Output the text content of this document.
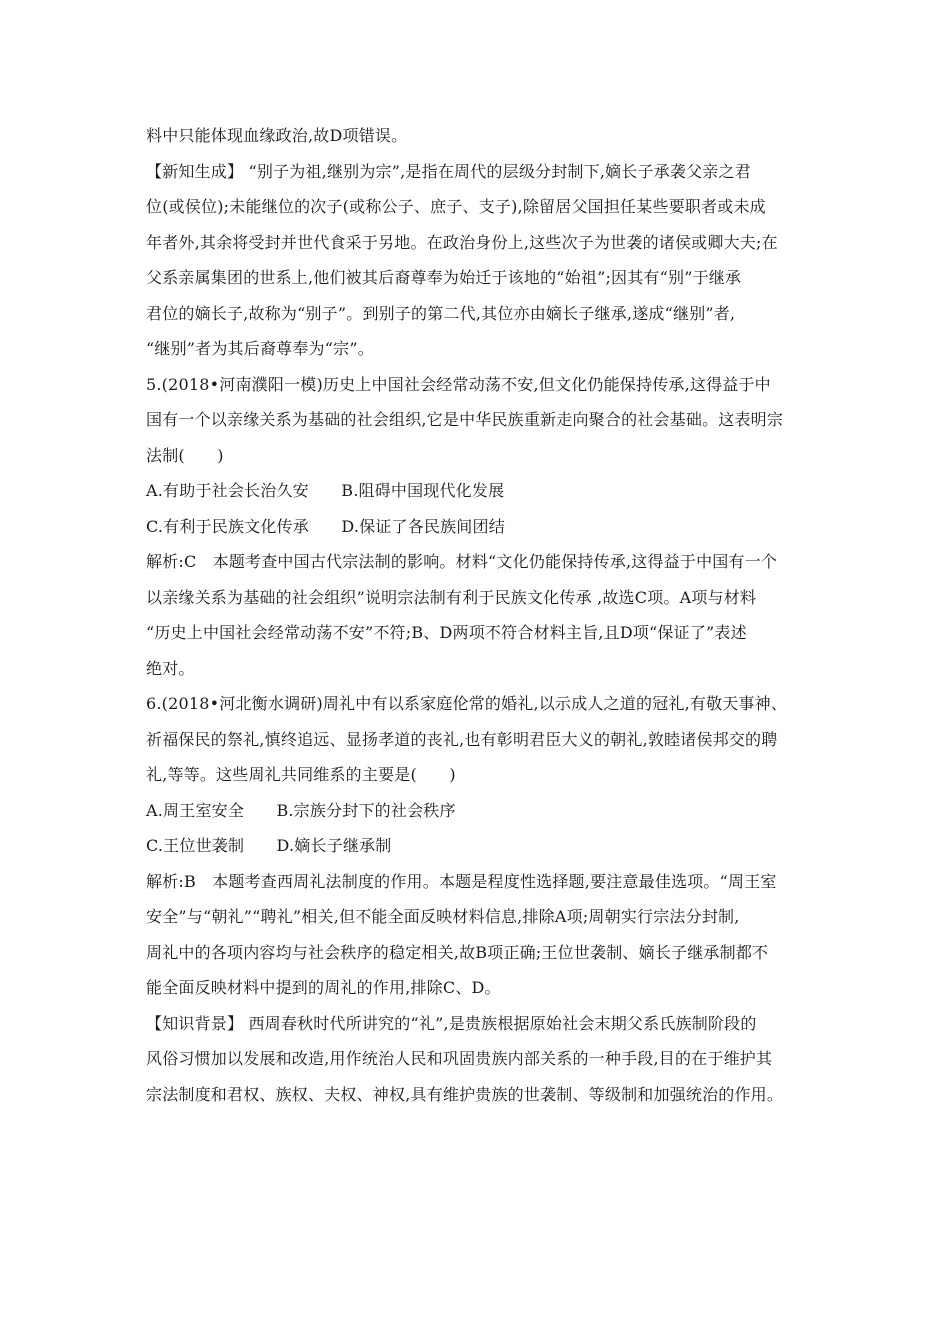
料中只能体现血缘政治,故D项错误。
【新知生成】 “别子为祖,继别为宗”,是指在周代的层级分封制下,嫡长子承袭父亲之君
位(或侯位);未能继位的次子(或称公子、庶子、支子),除留居父国担任某些要职者或未成
年者外,其余将受封并世代食采于另地。在政治身份上,这些次子为世袭的诸侯或卿大夫;在
父系亲属集团的世系上,他们被其后裔尊奉为始迁于该地的“始祖”;因其有“别”于继承
君位的嫡长子,故称为“别子”。到别子的第二代,其位亦由嫡长子继承,遂成“继别”者,
“继别”者为其后裔尊奉为“宗”。
5.(2018•河南濮阳一模)历史上中国社会经常动荡不安,但文化仍能保持传承,这得益于中
国有一个以亲缘关系为基础的社会组织,它是中华民族重新走向聚合的社会基础。这表明宗
法制(　　)
A.有助于社会长治久安　　B.阻碍中国现代化发展
C.有利于民族文化传承　　D.保证了各民族间团结
解析:C　本题考查中国古代宗法制的影响。材料“文化仍能保持传承,这得益于中国有一个
以亲缘关系为基础的社会组织”说明宗法制有利于民族文化传承 ,故选C项。A项与材料
“历史上中国社会经常动荡不安”不符;B、D两项不符合材料主旨,且D项“保证了”表述
绝对。
6.(2018•河北衡水调研)周礼中有以系家庭伦常的婚礼,以示成人之道的冠礼,有敬天事神、
祈福保民的祭礼,慎终追远、显扬孝道的丧礼,也有彰明君臣大义的朝礼,敦睦诸侯邦交的聘
礼,等等。这些周礼共同维系的主要是(　　)
A.周王室安全　　B.宗族分封下的社会秩序
C.王位世袭制　　D.嫡长子继承制
解析:B　本题考查西周礼法制度的作用。本题是程度性选择题,要注意最佳选项。“周王室
安全”与“朝礼”“聘礼”相关,但不能全面反映材料信息,排除A项;周朝实行宗法分封制,
周礼中的各项内容均与社会秩序的稳定相关,故B项正确;王位世袭制、嫡长子继承制都不
能全面反映材料中提到的周礼的作用,排除C、D。
【知识背景】 西周春秋时代所讲究的“礼”,是贵族根据原始社会末期父系氏族制阶段的
风俗习惯加以发展和改造,用作统治人民和巩固贵族内部关系的一种手段,目的在于维护其
宗法制度和君权、族权、夫权、神权,具有维护贵族的世袭制、等级制和加强统治的作用。
